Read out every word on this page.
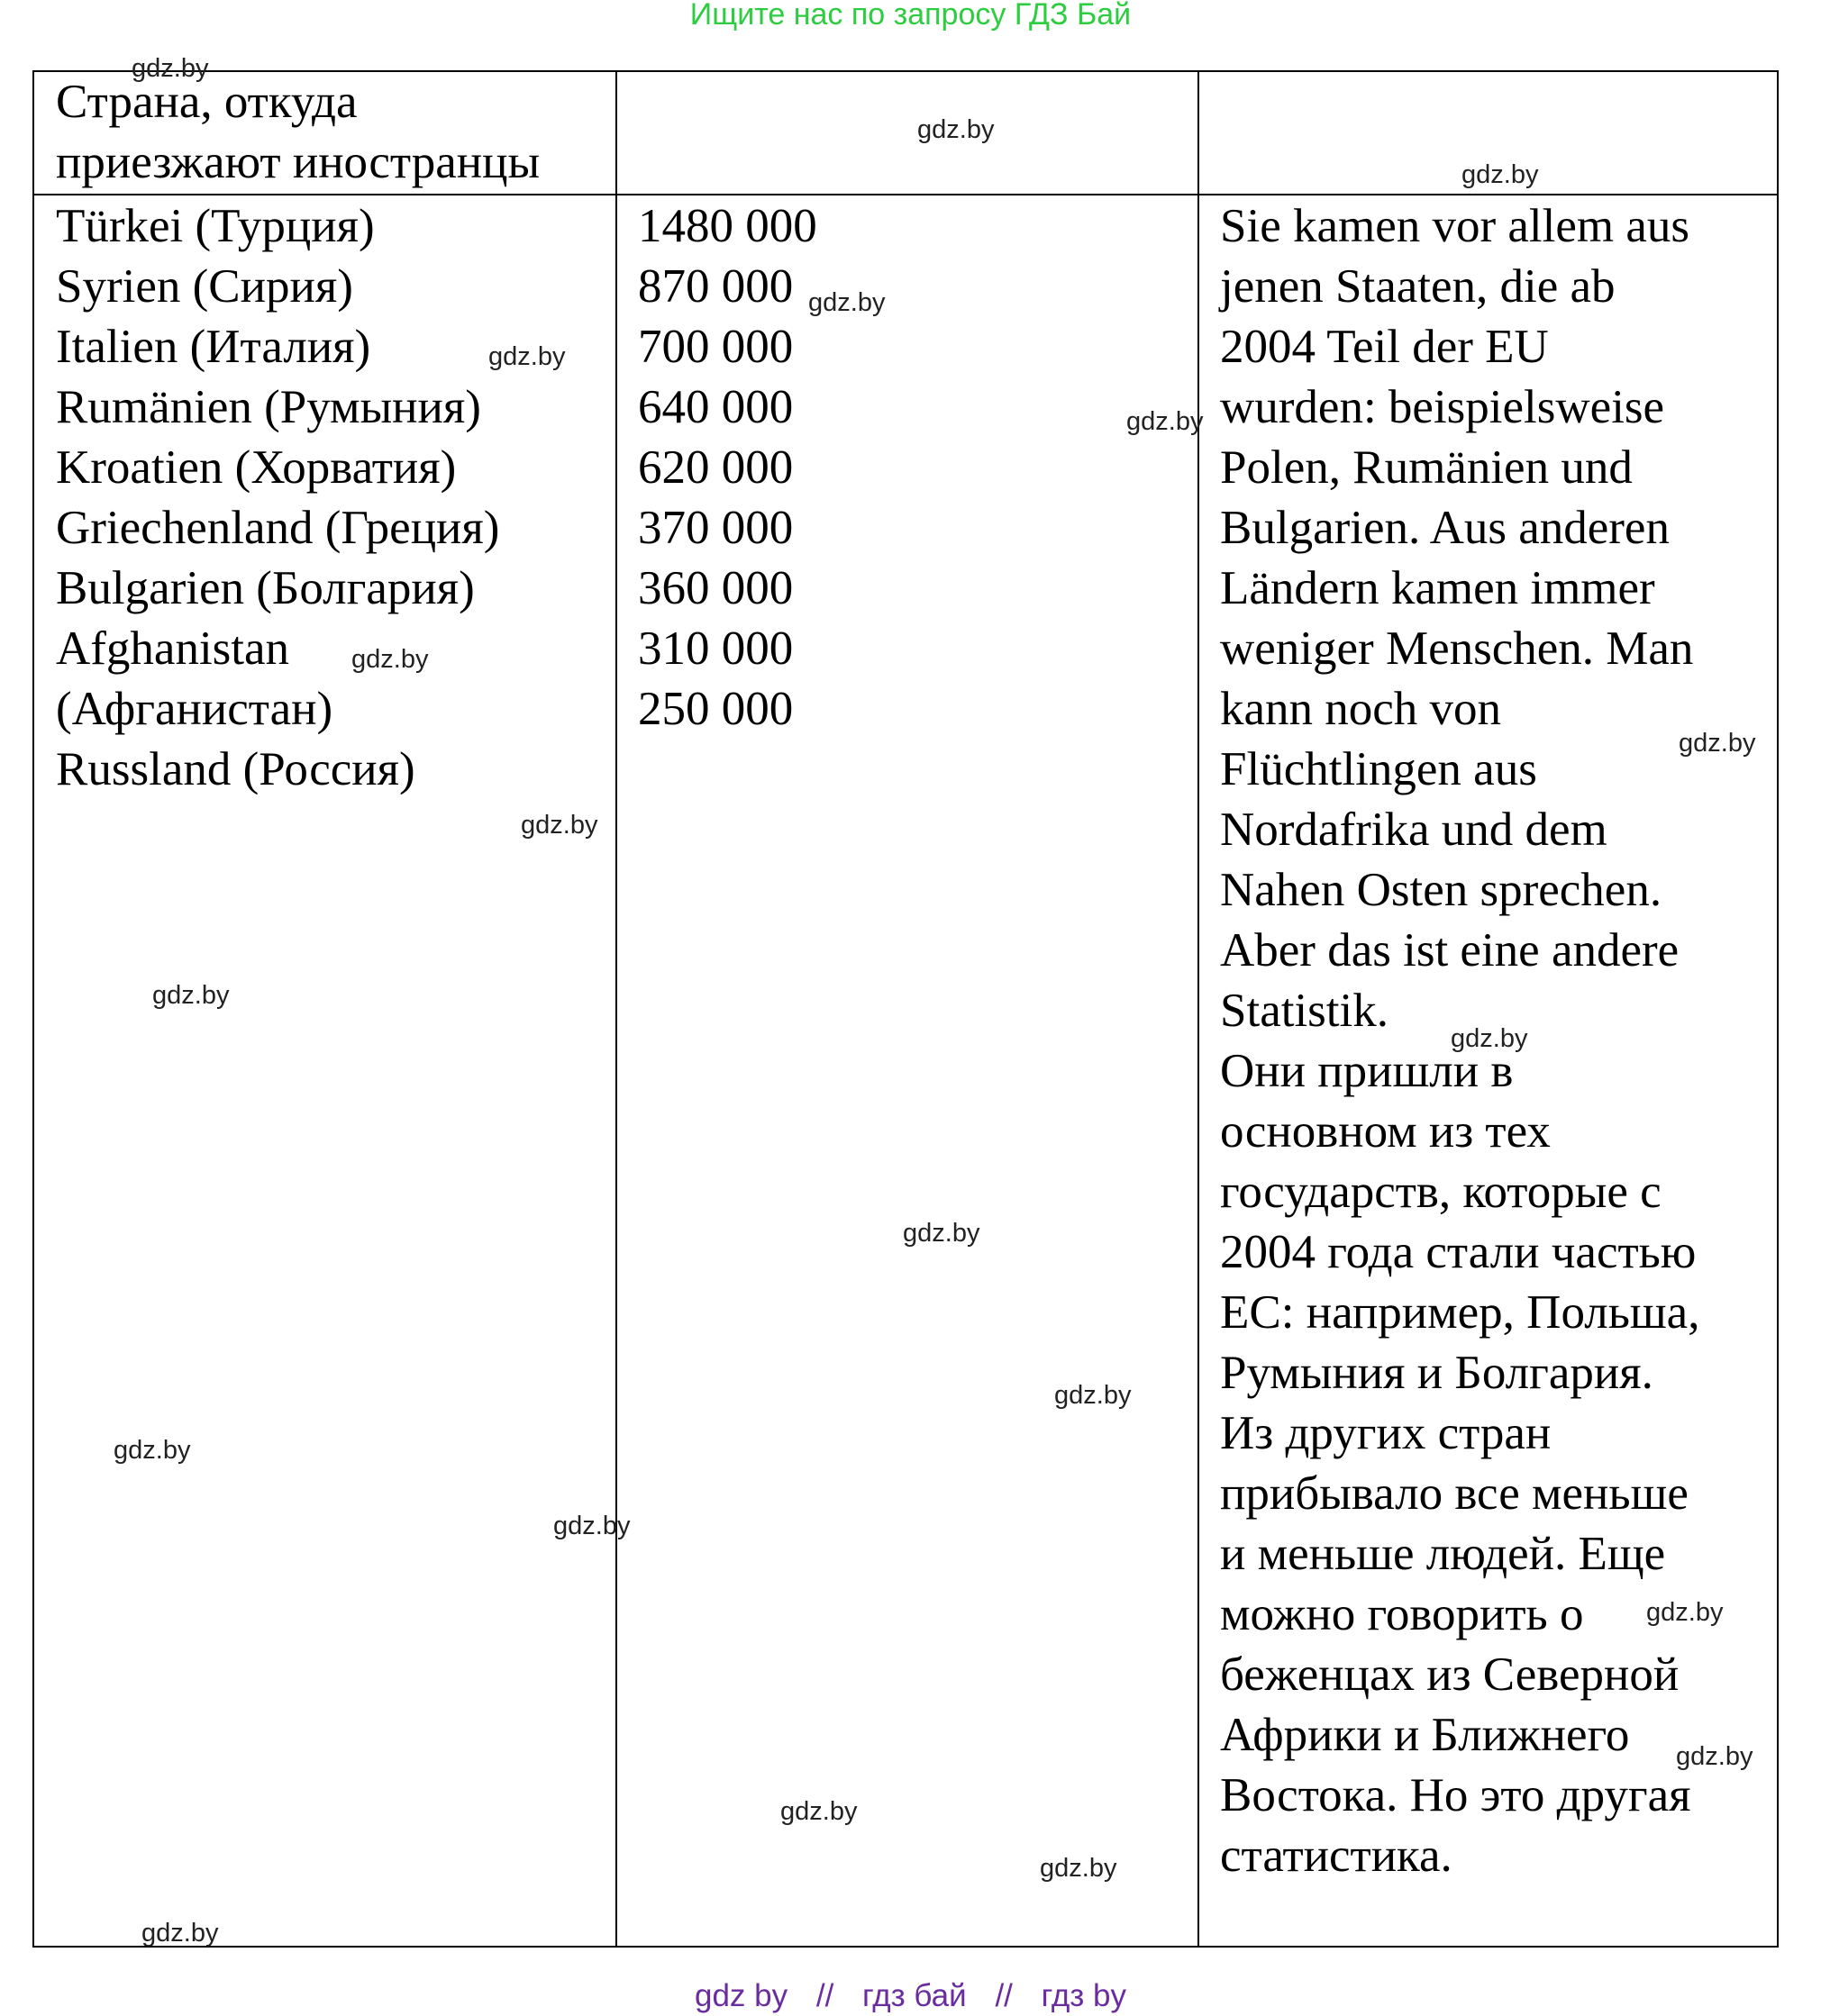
Ищите нас по запросу ГДЗ Бай
Страна, откуда
приезжают иностранцы
Türkei (Турция)
Syrien (Сирия)
Italien (Италия)
Rumänien (Румыния)
Kroatien (Хорватия)
Griechenland (Греция)
Bulgarien (Болгария)
Afghanistan
(Афганистан)
Russland (Россия)
1480 000
870 000
700 000
640 000
620 000
370 000
360 000
310 000
250 000
Sie kamen vor allem aus
jenen Staaten, die ab
2004 Teil der EU
wurden: beispielsweise
Polen, Rumänien und
Bulgarien. Aus anderen
Ländern kamen immer
weniger Menschen. Man
kann noch von
Flüchtlingen aus
Nordafrika und dem
Nahen Osten sprechen.
Aber das ist eine andere
Statistik.
Они пришли в
основном из тех
государств, которые с
2004 года стали частью
ЕС: например, Польша,
Румыния и Болгария.
Из других стран
прибывало все меньше
и меньше людей. Еще
можно говорить о
беженцах из Северной
Африки и Ближнего
Востока. Но это другая
статистика.
gdz.by
gdz.by
gdz.by
gdz.by
gdz.by
gdz.by
gdz.by
gdz.by
gdz.by
gdz.by
gdz.by
gdz.by
gdz.by
gdz.by
gdz.by
gdz.by
gdz.by
gdz.by
gdz.by
gdz.by
gdz by // гдз бай // гдз by
